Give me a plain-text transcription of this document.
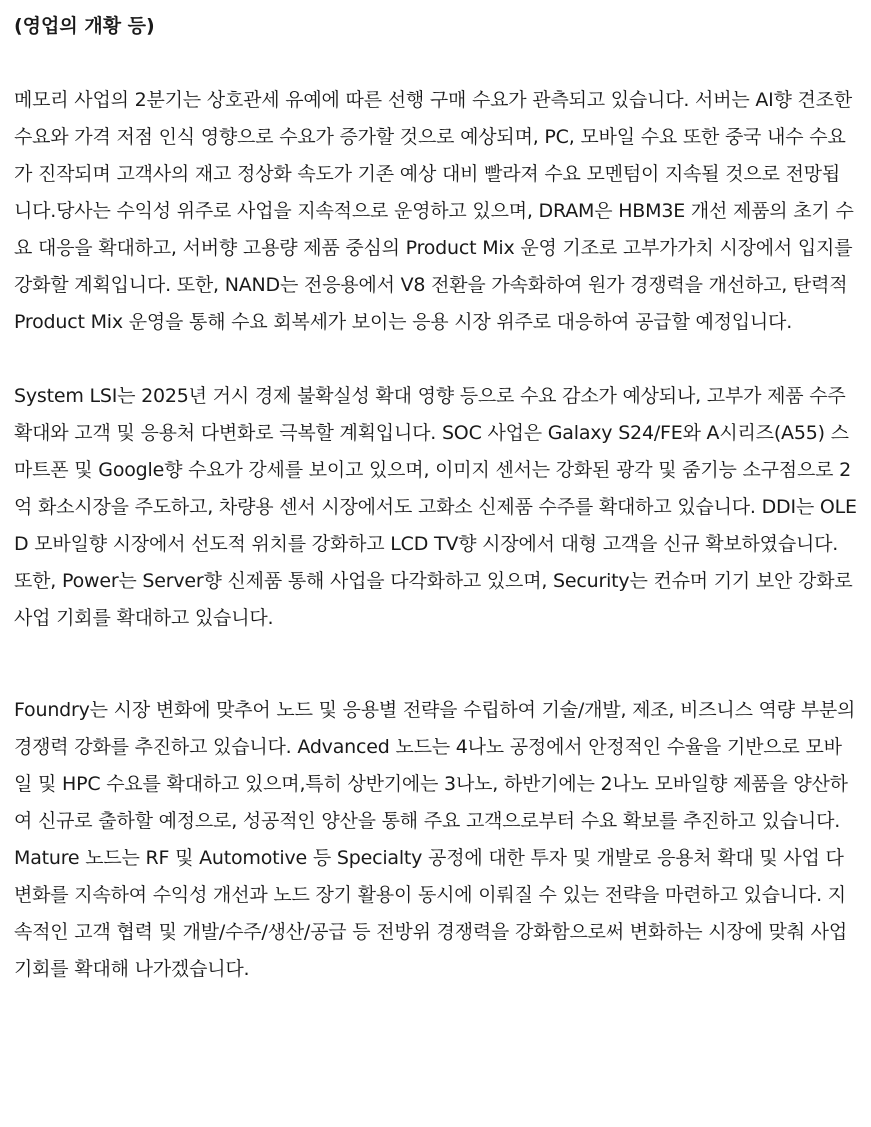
(영업의 개황 등)

메모리 사업의 2분기는 상호관세 유예에 따른 선행 구매 수요가 관측되고 있습니다. 서버는 AI향 견조한 수요와 가격 저점 인식 영향으로 수요가 증가할 것으로 예상되며, PC, 모바일 수요 또한 중국 내수 수요가 진작되며 고객사의 재고 정상화 속도가 기존 예상 대비 빨라져 수요 모멘텀이 지속될 것으로 전망됩니다.당사는 수익성 위주로 사업을 지속적으로 운영하고 있으며, DRAM은 HBM3E 개선 제품의 초기 수요 대응을 확대하고, 서버향 고용량 제품 중심의 Product Mix 운영 기조로 고부가가치 시장에서 입지를 강화할 계획입니다. 또한, NAND는 전응용에서 V8 전환을 가속화하여 원가 경쟁력을 개선하고, 탄력적 Product Mix 운영을 통해 수요 회복세가 보이는 응용 시장 위주로 대응하여 공급할 예정입니다.

System LSI는 2025년 거시 경제 불확실성 확대 영향 등으로 수요 감소가 예상되나, 고부가 제품 수주 확대와 고객 및 응용처 다변화로 극복할 계획입니다. SOC 사업은 Galaxy S24/FE와 A시리즈(A55) 스마트폰 및 Google향 수요가 강세를 보이고 있으며, 이미지 센서는 강화된 광각 및 줌기능 소구점으로 2억 화소시장을 주도하고, 차량용 센서 시장에서도 고화소 신제품 수주를 확대하고 있습니다. DDI는 OLED 모바일향 시장에서 선도적 위치를 강화하고 LCD TV향 시장에서 대형 고객을 신규 확보하였습니다. 또한, Power는 Server향 신제품 통해 사업을 다각화하고 있으며, Security는 컨슈머 기기 보안 강화로 사업 기회를 확대하고 있습니다.

Foundry는 시장 변화에 맞추어 노드 및 응용별 전략을 수립하여 기술/개발, 제조, 비즈니스 역량 부분의 경쟁력 강화를 추진하고 있습니다. Advanced 노드는 4나노 공정에서 안정적인 수율을 기반으로 모바일 및 HPC 수요를 확대하고 있으며,특히 상반기에는 3나노, 하반기에는 2나노 모바일향 제품을 양산하여 신규로 출하할 예정으로, 성공적인 양산을 통해 주요 고객으로부터 수요 확보를 추진하고 있습니다. Mature 노드는 RF 및 Automotive 등 Specialty 공정에 대한 투자 및 개발로 응용처 확대 및 사업 다변화를 지속하여 수익성 개선과 노드 장기 활용이 동시에 이뤄질 수 있는 전략을 마련하고 있습니다. 지속적인 고객 협력 및 개발/수주/생산/공급 등 전방위 경쟁력을 강화함으로써 변화하는 시장에 맞춰 사업 기회를 확대해 나가겠습니다.
